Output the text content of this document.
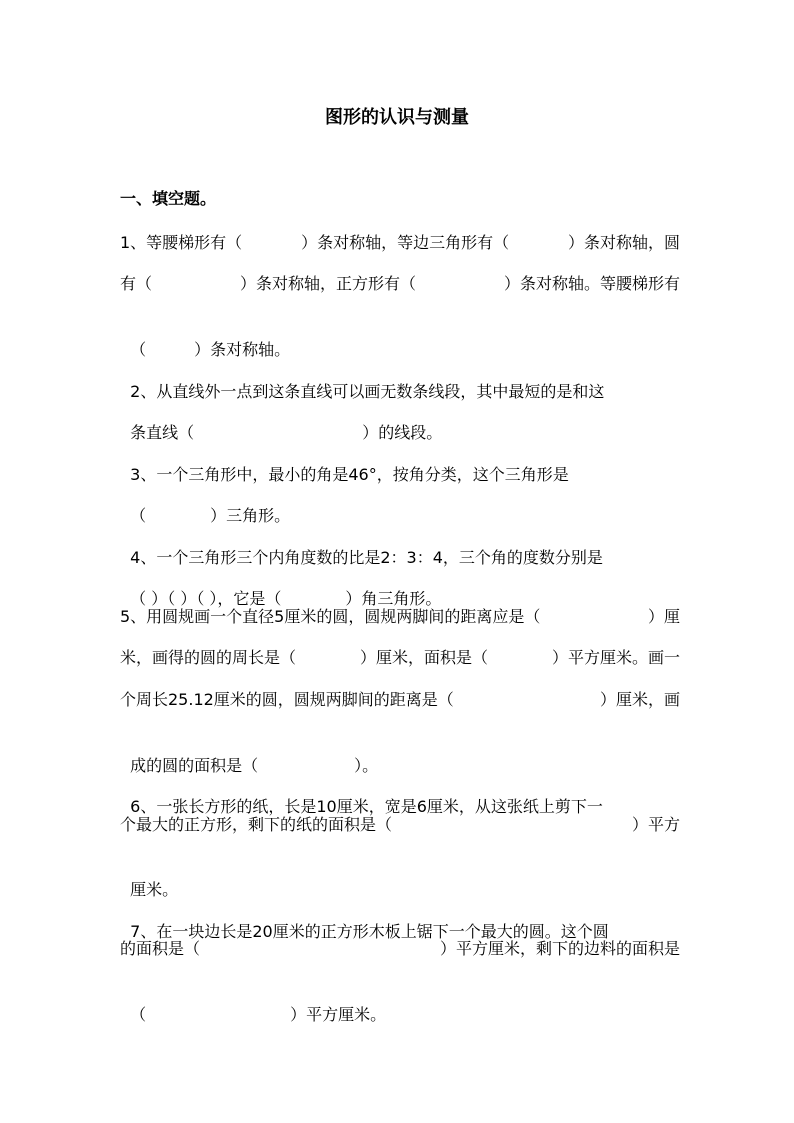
图形的认识与测量
一、填空题。
1、等腰梯形有（	）条对称轴，等边三角形有（	）条对称轴，圆
有（	）条对称轴，正方形有（	）条对称轴。等腰梯形有

（　　　）条对称轴。

2、从直线外一点到这条直线可以画无数条线段，其中最短的是和这

条直线（	）的线段。

3、一个三角形中，最小的角是46°，按角分类，这个三角形是

（　　　　）三角形。

4、一个三角形三个内角度数的比是2：3：4，三个角的度数分别是

（ ）（ ）（ ），它是（　　　　）角三角形。

5、用圆规画一个直径5厘米的圆，圆规两脚间的距离应是（	）厘
米，画得的圆的周长是（	）厘米，面积是（	）平方厘米。画一
个周长25.12厘米的圆，圆规两脚间的距离是（	）厘米，画

成的圆的面积是（　　　　　　）。

6、一张长方形的纸，长是10厘米，宽是6厘米，从这张纸上剪下一

个最大的正方形，剩下的纸的面积是（	）平方

厘米。

7、在一块边长是20厘米的正方形木板上锯下一个最大的圆。这个圆

的面积是（	）平方厘米，剩下的边料的面积是

（　　　　　　　　　）平方厘米。
